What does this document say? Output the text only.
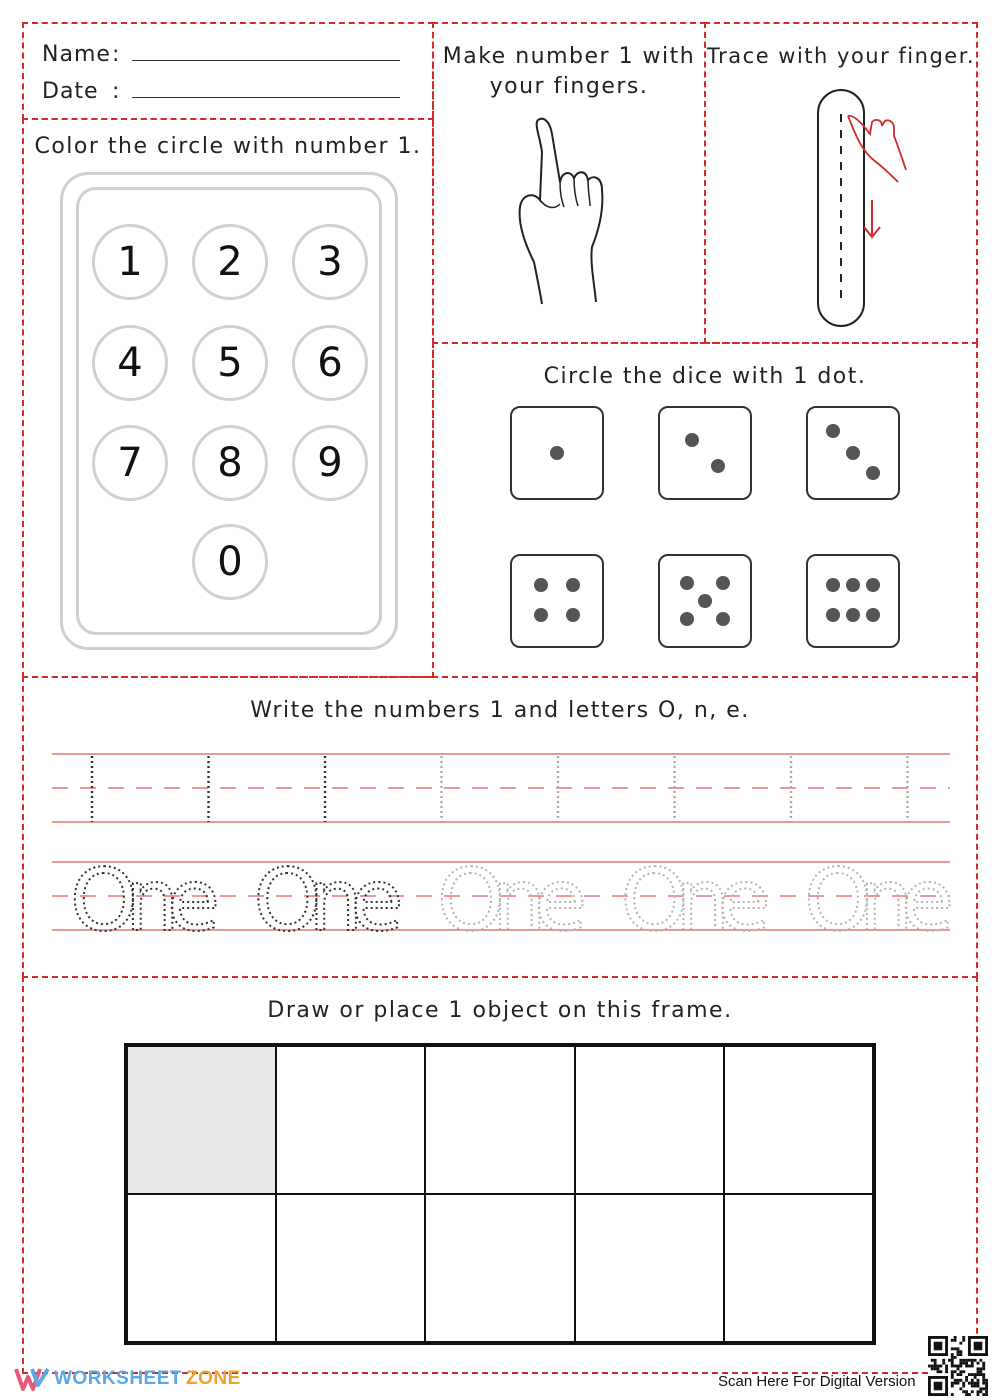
Name:
Date :
Color the circle with number 1.
1	2	3
4	5	6
7	8	9
0
Make number 1 with
your fingers.
Trace with your finger.
Circle the dice with 1 dot.
Write the numbers 1 and letters O, n, e.
One One One One One
Draw or place 1 object on this frame.
WORKSHEET ZONE	Scan Here For Digital Version
